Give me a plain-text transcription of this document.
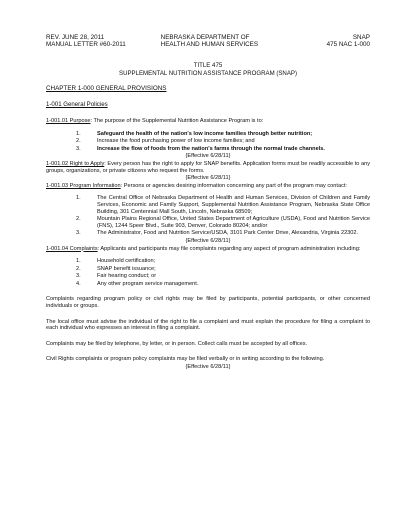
REV. JUNE 28, 2011
MANUAL LETTER #60-2011
NEBRASKA DEPARTMENT OF
HEALTH AND HUMAN SERVICES
SNAP
475 NAC 1-000
TITLE 475
SUPPLEMENTAL NUTRITION ASSISTANCE PROGRAM (SNAP)
CHAPTER 1-000 GENERAL PROVISIONS
1-001 General Policies

1-001.01 Purpose: The purpose of the Supplemental Nutrition Assistance Program is to:

1.	Safeguard the health of the nation's low income families through better nutrition;
2.	Increase the food purchasing power of low income families; and
3.	Increase the flow of foods from the nation's farms through the normal trade channels.
{Effective 6/28/11}

1-001.02 Right to Apply: Every person has the right to apply for SNAP benefits. Application forms must be readily accessible to any groups, organizations, or private citizens who request the forms.

{Effective 6/28/11}

1-001.03 Program Information: Persons or agencies desiring information concerning any part of the program may contact:

1.	The Central Office of Nebraska Department of Health and Human Services, Division of Children and Family Services, Economic and Family Support, Supplemental Nutrition Assistance Program, Nebraska State Office Building, 301 Centennial Mall South, Lincoln, Nebraska 68509;
2.	Mountain Plains Regional Office, United States Department of Agriculture (USDA), Food and Nutrition Service (FNS), 1244 Speer Blvd., Suite 903, Denver, Colorado 80204; and/or
3.	The Administrator, Food and Nutrition Service/USDA, 3101 Park Center Drive, Alexandria, Virginia 22302.
{Effective 6/28/11}

1-001.04 Complaints: Applicants and participants may file complaints regarding any aspect of program administration including:

1.	Household certification;
2.	SNAP benefit issuance;
3.	Fair hearing conduct; or
4.	Any other program service management.

Complaints regarding program policy or civil rights may be filed by participants, potential participants, or other concerned individuals or groups.

The local office must advise the individual of the right to file a complaint and must explain the procedure for filing a complaint to each individual who expresses an interest in filing a complaint.

Complaints may be filed by telephone, by letter, or in person. Collect calls must be accepted by all offices.

Civil Rights complaints or program policy complaints may be filed verbally or in writing according to the following.

{Effective 6/28/11}
